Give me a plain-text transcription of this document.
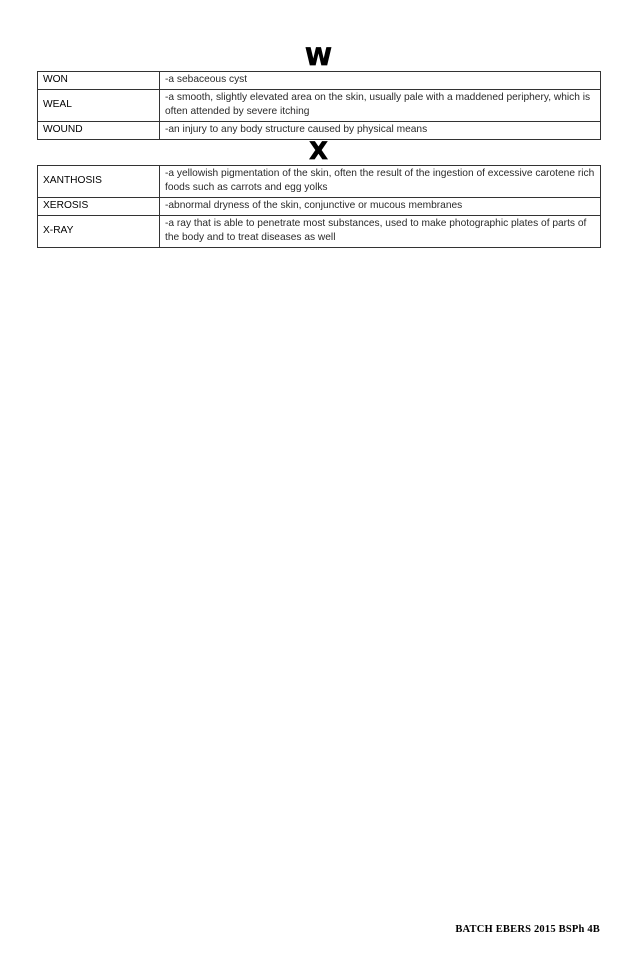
W
WON	-a sebaceous cyst
WEAL	-a smooth, slightly elevated area on the skin, usually pale with a maddened periphery, which is often attended by severe itching
WOUND	-an injury to any body structure caused by physical means
X
XANTHOSIS	-a yellowish pigmentation of the skin, often the result of the ingestion of excessive carotene rich foods such as carrots and egg yolks
XEROSIS	-abnormal dryness of the skin, conjunctive or mucous membranes
X-RAY	-a ray that is able to penetrate most substances, used to make photographic plates of parts of the body and to treat diseases as well
BATCH EBERS 2015 BSPh 4B
